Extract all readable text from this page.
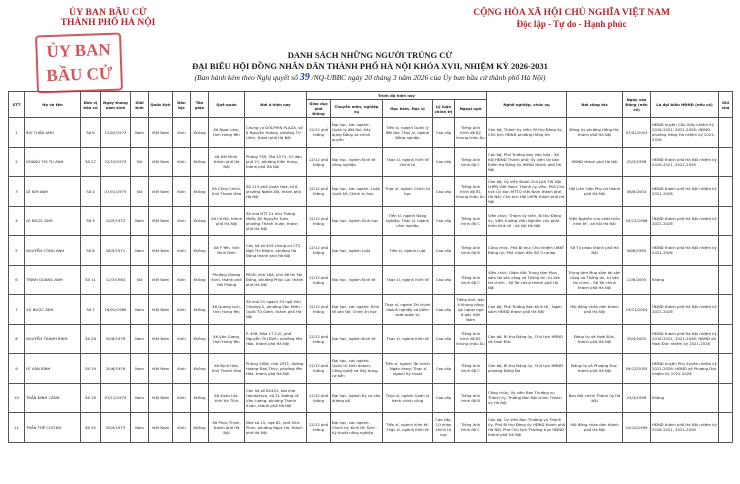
ỦY BAN BẦU CỬ
THÀNH PHỐ HÀ NỘI
CỘNG HÒA XÃ HỘI CHỦ NGHĨA VIỆT NAM
Độc lập - Tự do - Hạnh phúc
ỦY BAN
BẦU CỬ
DANH SÁCH NHỮNG NGƯỜI TRÚNG CỬ
ĐẠI BIỂU HỘI ĐỒNG NHÂN DÂN THÀNH PHỐ HÀ NỘI KHÓA XVII, NHIỆM KỲ 2026-2031
(Ban hành kèm theo Nghị quyết số 39 /NQ-UBBC ngày 20 tháng 3 năm 2026 của Ủy ban bầu cử thành phố Hà Nội)
STT	Họ và tên	Đơn vị bầu cử	Ngày tháng năm sinh	Giới tính	Quốc tịch	Dân tộc	Tôn giáo	Quê quán	Nơi ở hiện nay	Trình độ hiện nay					Nghề nghiệp, chức vụ	Nơi công tác	Ngày vào Đảng (nếu có)	Là đại biểu HĐND (nếu có)	Ghi chú
										Giáo dục phổ thông	Chuyên môn, nghiệp vụ	Học hàm, Học vị	Lý luận chính trị	Ngoại ngữ					
1	BÙI TUẤN ANH	Số 6	12/02/1973	Nam	Việt Nam	Kinh	Không	Xã Ngọc Lâm, tỉnh Hưng Yên	Chung cư DOLPHIN PLAZA, số 6 Nguyễn Hoàng, phường Từ Liêm, thành phố Hà Nội	12/12 phổ thông	Đại học, các ngành: Quản lý đất đai; Xây dựng Đảng và chính quyền	Tiến sĩ, ngành Quản lý đất đai; Thạc sĩ, ngành Nông nghiệp	Cao cấp	Tiếng Anh trình độ B2 khung châu Âu	Cán bộ; Thành ủy viên; Bí thư Đảng ủy, Chủ tịch HĐND phường Hồng Hà	Đảng ủy phường Hồng Hà, thành phố Hà Nội	07/01/2003	HĐND huyện Cầu Giấy nhiệm kỳ 2016-2021, 2021-2026; HĐND phường Hồng Hà nhiệm kỳ 2021-2026	
2	HOÀNG THỊ TÚ ANH	Số 27	22/10/1973	Nữ	Việt Nam	Kinh	Không	Xã Hải Minh, thành phố Hà Nội	Phòng 709, Tòa 1573, 51 dân phố 21, phường Kiến Hưng, thành phố Hà Nội	12/12 phổ thông	Đại học, ngành Kinh tế nông nghiệp	Thạc sĩ, ngành Kinh tế chính trị	Cao cấp	Tiếng Anh trình độ C	Cán bộ; Phó Trưởng ban Văn hóa - Xã hội HĐND Thành phố; Ủy viên Ủy ban Kiểm tra Đảng ủy HĐND thành phố Hà Nội	HĐND thành phố Hà Nội	25/3/1998	HĐND thành phố Hà Nội nhiệm kỳ 2016-2021, 2021-2026	
3	LÊ KIM ANH	Số 4	07/01/1975	Nữ	Việt Nam	Kinh	Không	Xã Công Chính, tỉnh Thanh Hóa	Số 113 phố Quán Hoa, tổ 6, phường Nghĩa Đô, thành phố Hà Nội	12/12 phổ thông	Đại học, các ngành: Luật; Quốc tế; Chính trị học	Thạc sĩ, ngành Chính trị học	Cao cấp	Tiếng Anh trình độ B1 khung châu Âu	Cán bộ; Ủy viên Đoàn Chủ tịch TW Hội LHPN Việt Nam; Thành ủy viên, Phó Chủ tịch Ủy ban MTTQ Việt Nam thành phố Hà Nội, Chủ tịch Hội LHPN thành phố Hà Nội	Hội Liên hiệp Phụ nữ thành phố Hà Nội	08/8/2004	HĐND thành phố Hà Nội nhiệm kỳ 2021-2026	
4	LÊ NGỌC ANH	Số 9	10/5/1972	Nam	Việt Nam	Kinh	Không	Xã Cổ Đô, thành phố Hà Nội	Số nhà NTT 21 khu Thăng Nhất, 82 Nguyễn Tuân, phường Thanh Xuân, thành phố Hà Nội	12/12 phổ thông	Đại học, ngành Sinh học	Tiến sĩ, ngành Nông nghiệp; Thạc sĩ, ngành Lâm nghiệp	Cao cấp	Tiếng Anh trình độ C	Viên chức; Thành ủy viên, Bí thư Đảng ủy, Viện trưởng Viện Nghiên cứu phát triển kinh tế - xã hội Hà Nội	Viện Nghiên cứu phát triển kinh tế - xã hội Hà Nội	03/12/1998	HĐND thành phố Hà Nội nhiệm kỳ 2021-2026	
5	NGUYỄN CÔNG ANH	Số 8	28/5/1971	Nam	Việt Nam	Kinh	Không	Xã Ý Yên, tỉnh Ninh Bình	Căn hộ số 404 chung cư CT2 Ngô Thì Nhậm, phường Hà Đông thành phố Hà Nội	12/12 phổ thông	Đại học, ngành Luật	Tiến sĩ, ngành Luật	Cao cấp	Tiếng Anh trình độ B	Công chức, Phó Bí thư; Chủ nhiệm UBKT Đảng ủy; Phó Giám đốc Sở Tư pháp	Sở Tư pháp thành phố Hà Nội	08/8/1995	HĐND thành phố Hà Nội nhiệm kỳ 2021-2026	
6	TRỊNH QUANG ANH	Số 11	12/3/1984	Nữ	Việt Nam	Kinh	Không	Phường Dương Kinh, thành phố Hải Phòng	P818, nhà 18A, khu đô thị Sài Đồng, phường Phúc Lợi, thành phố Hà Nội	12/12 phổ thông	Đại học, ngành Kinh tế	Thạc sĩ, ngành Kinh tế	Cao cấp	Tiếng Anh trình độ C	Viên chức, Giám đốc Trung tâm Mua sắm tài sản công và Thông tin, tư vấn tài chính - Sở Tài chính thành phố Hà Nội	Trung tâm Mua sắm tài sản công và Thông tin, tư vấn tài chính - Sở Tài chính thành phố Hà Nội	12/6/2005	Không	
7	VŨ NGỌC ANH	Số 7	18/02/1980	Nam	Việt Nam	Kinh	Không	Xã Quang Lịch, tỉnh Hưng Yên	Số nhà 51 ngách 33 ngõ Văn Chương 2, phường Văn Miếu - Quốc Tử Giám, thành phố Hà Nội	12/12 phổ thông	Đại học, các ngành: Kinh tế vận tải; Chính trị học	Thạc sĩ, ngành Tài chính doanh nghiệp và kiểm soát quản trị	Cao cấp	Tiếng Anh, bậc 4 khung năng lực ngoại ngữ 6 bậc Việt Nam	Cán bộ; Phó Trưởng Ban Kinh tế - Ngân sách HĐND thành phố Hà Nội	Hội đồng nhân dân thành phố Hà Nội	15/11/2004	HĐND thành phố Hà Nội nhiệm kỳ 2021-2026	
8	NGUYỄN THANH BÌNH	Số 26	30/8/1976	Nam	Việt Nam	Kinh	Không	Xã Văn Giang, tỉnh Hưng Yên	P. 408, Nhà 17-T10, phố Nguyễn Thị Định, phường Yên Hòa, thành phố Hà Nội	12/12 phổ thông	Đại học, ngành Kinh tế	Thạc sĩ, ngành Kinh tế	Cao cấp	Tiếng Anh trình độ B1 khung châu Âu	Cán bộ; Bí thư Đảng ủy, Chủ tịch HĐND xã Hoài Đức	Đảng ủy xã Hoài Đức, thành phố Hà Nội	30/4/2002	HĐND thành phố Hà Nội nhiệm kỳ 2016-2021, 2021-2026; HĐND xã Hoài Đức nhiệm kỳ 2021-2026	
9	LÊ VĂN BÌNH	Số 19	20/6/1976	Nam	Việt Nam	Kinh	Không	Xã Định Hòa, tỉnh Thanh Hóa	Phòng 2808, nhà 29T1, đường Hoàng Đạo Thúy, phường Yên Hòa, thành phố Hà Nội	12/12 phổ thông	Đại học, các ngành: Quản trị kinh doanh; Công nghệ và Xây dựng cơ bản	Tiến sĩ, ngành Tài chính - Ngân hàng; Thạc sĩ, ngành Kỹ thuật	Cao cấp	Tiếng Anh trình độ C	Cán bộ; Bí thư Đảng ủy, Chủ tịch HĐND phường Đống Đa	Đảng ủy xã Phượng Dực, thành phố Hà Nội	09/12/2005	HĐND huyện Phú Xuyên nhiệm kỳ 2021-2026; HĐND xã Phượng Dực nhiệm kỳ 2021-2026	
10	TRẦN ĐÌNH CẢNH	Số 18	07/11/1974	Nam	Việt Nam	Kinh	Không	Xã Xuân Lộc, tỉnh Hà Tĩnh	Căn hộ số B2401, tòa nhà Handiresco, số 31 đường Lê Văn Lương, phường Thanh Xuân, thành phố Hà Nội	12/12 phổ thông	Đại học, ngành Kỹ sư cầu đường bộ	Thạc sĩ, ngành Quản lý hành chính công	Cao cấp	Tiếng Anh trình độ B	Công chức; Ủy viên Ban Thường vụ Thành ủy, Trưởng Ban Nội chính Thành ủy Hà Nội	Ban Nội chính Thành ủy Hà Nội	24/3/1998	Không	
11	TRẦN THẾ CƯƠNG	Số 30	30/9/1973	Nam	Việt Nam	Kinh	Không	Xã Phúc Thịnh, thành phố Hà Nội	Nhà số 15, ngõ 82, phố Vĩnh Phúc, phường Ngọc Hà, thành phố Hà Nội	12/12 phổ thông	Đại học, các ngành: Chính trị; Kinh tế; Sinh - Kỹ thuật nông nghiệp	Tiến sĩ, ngành Kinh tế; Thạc sĩ, ngành Kinh tế	Cao cấp, Cử nhân chính trị học	Tiếng Anh trình độ C	Cán bộ; Ủy viên Ban Thường vụ Thành ủy, Phó Bí thư Đảng ủy HĐND thành phố Hà Nội, Phó Chủ tịch Thường trực HĐND thành phố Hà Nội	Hội đồng nhân dân thành phố Hà Nội	10/10/1999	HĐND thành phố Hà Nội nhiệm kỳ 2016-2021, 2021-2026	
